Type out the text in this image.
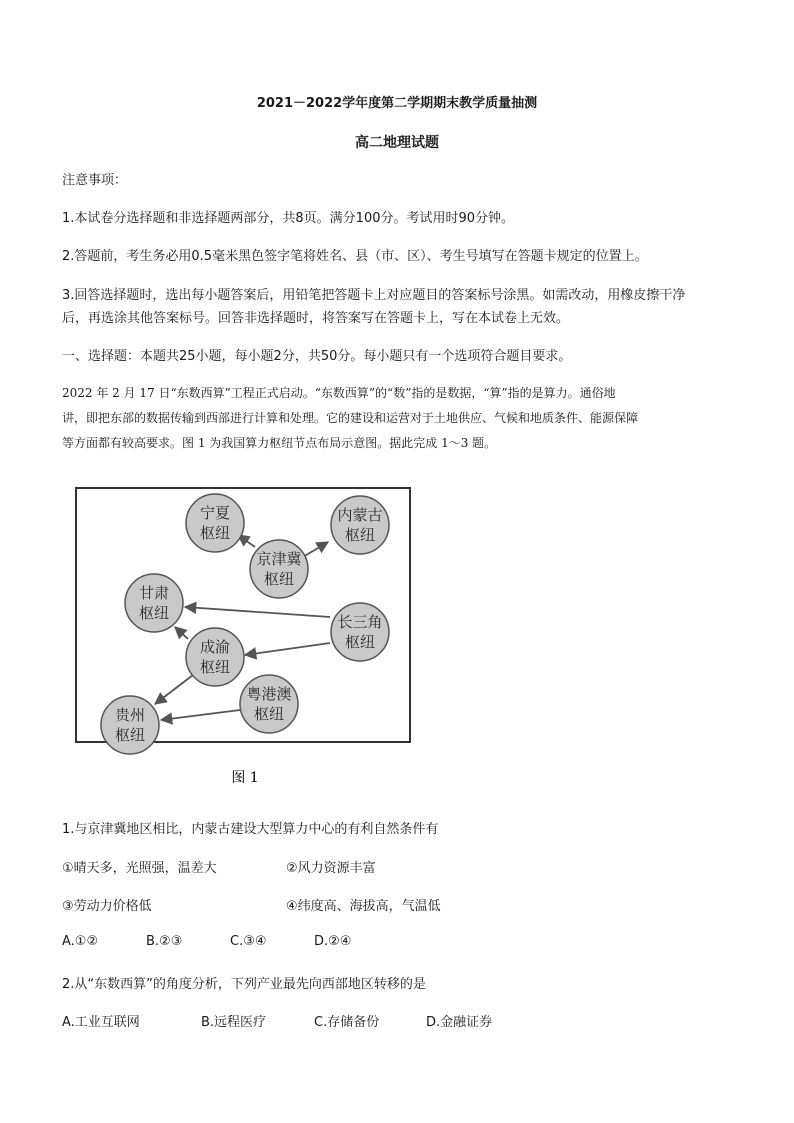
2021－2022学年度第二学期期末教学质量抽测
高二地理试题
注意事项：
1.本试卷分选择题和非选择题两部分，共8页。满分100分。考试用时90分钟。
2.答题前，考生务必用0.5毫米黑色签字笔将姓名、县（市、区）、考生号填写在答题卡规定的位置上。
3.回答选择题时，选出每小题答案后，用铅笔把答题卡上对应题目的答案标号涂黑。如需改动，用橡皮擦干净
后，再选涂其他答案标号。回答非选择题时，将答案写在答题卡上，写在本试卷上无效。
一、选择题：本题共25小题，每小题2分，共50分。每小题只有一个选项符合题目要求。
2022 年 2 月 17 日“东数西算”工程正式启动。“东数西算”的“数”指的是数据，“算”指的是算力。通俗地
讲，即把东部的数据传输到西部进行计算和处理。它的建设和运营对于土地供应、气候和地质条件、能源保障
等方面都有较高要求。图 1 为我国算力枢纽节点布局示意图。据此完成 1～3 题。
宁夏
枢纽
内蒙古
枢纽
京津冀
枢纽
甘肃
枢纽	长三角
枢纽
成渝
枢纽
粤港澳
枢纽
贵州
枢纽
图 1
1.与京津冀地区相比，内蒙古建设大型算力中心的有利自然条件有
①晴天多，光照强，温差大	②风力资源丰富
③劳动力价格低	④纬度高、海拔高，气温低
A.①②	B.②③	C.③④	D.②④
2.从“东数西算”的角度分析，下列产业最先向西部地区转移的是
A.工业互联网	B.远程医疗	C.存储备份	D.金融证券
